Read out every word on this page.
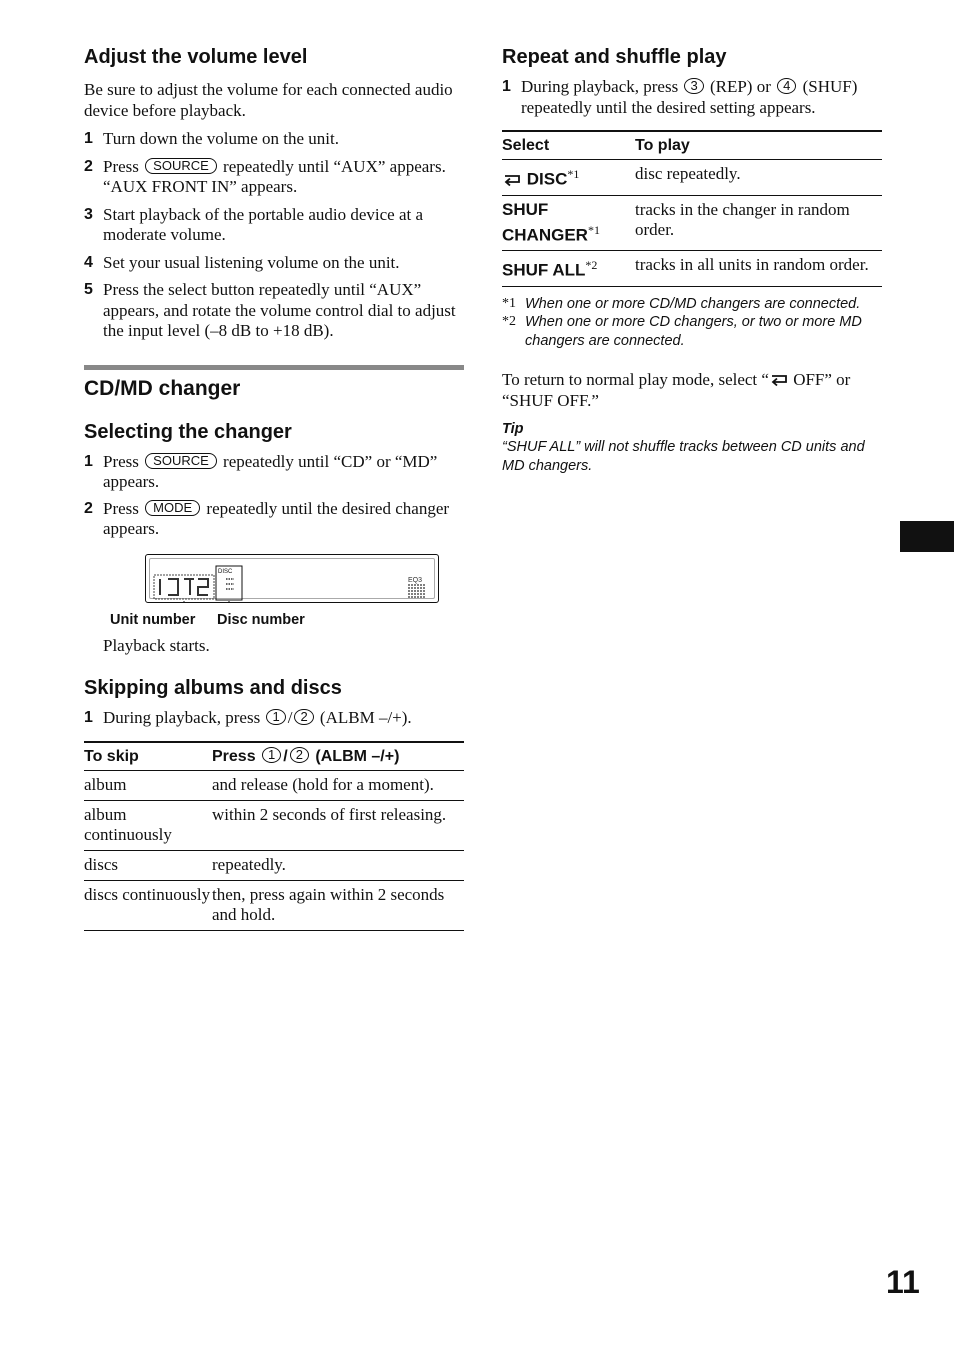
Adjust the volume level

Be sure to adjust the volume for each connected audio device before playback.

1 Turn down the volume on the unit.

2 Press SOURCE repeatedly until “AUX” appears.

“AUX FRONT IN” appears.

3 Start playback of the portable audio device at a moderate volume.

4 Set your usual listening volume on the unit.

5 Press the select button repeatedly until “AUX” appears, and rotate the volume control dial to adjust the input level (–8 dB to +18 dB).

CD/MD changer
Selecting the changer
1 Press SOURCE repeatedly until “CD” or “MD” appears.

2 Press MODE repeatedly until the desired changer appears.

DISC
EQ3
Unit number Disc number

Playback starts.

Skipping albums and discs
1 During playback, press 1 / 2 (ALBM –/+).

To skip	Press 1 / 2 (ALBM –/+)
album	and release (hold for a moment).
album continuously	within 2 seconds of first releasing.
discs	repeatedly.
discs continuously	then, press again within 2 seconds and hold.
Repeat and shuffle play
1 During playback, press 3 (REP) or 4 (SHUF) repeatedly until the desired setting appears.

Select	To play
DISC$^{*1}$	disc repeatedly.
SHUF CHANGER$^{*1}$	tracks in the changer in random order.
SHUF ALL$^{*2}$	tracks in all units in random order.
*1 When one or more CD/MD changers are connected.
*2 When one or more CD changers, or two or more MD changers are connected.

To return to normal play mode, select “ OFF” or “SHUF OFF.”

Tip
“SHUF ALL” will not shuffle tracks between CD units and MD changers.
11
